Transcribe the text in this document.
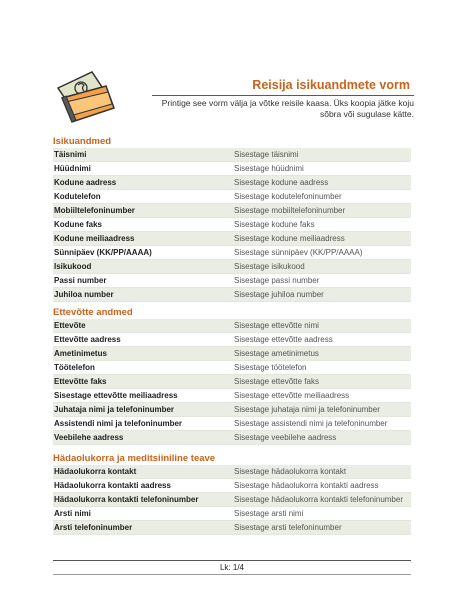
Reisija isikuandmete vorm
Printige see vorm välja ja võtke reisile kaasa. Üks koopia jätke koju sõbra või sugulase kätte.
Isikuandmed
Täisnimi	Sisestage täisnimi
Hüüdnimi	Sisestage hüüdnimi
Kodune aadress	Sisestage kodune aadress
Kodutelefon	Sisestage kodutelefoninumber
Mobiiltelefoninumber	Sisestage mobiiltelefoninumber
Kodune faks	Sisestage kodune faks
Kodune meiliaadress	Sisestage kodune meiliaadress
Sünnipäev (KK/PP/AAAA)	Sisestage sünnipäev (KK/PP/AAAA)
Isikukood	Sisestage isikukood
Passi number	Sisestage passi number
Juhiloa number	Sisestage juhiloa number
Ettevõtte andmed
Ettevõte	Sisestage ettevõtte nimi
Ettevõtte aadress	Sisestage ettevõtte aadress
Ametinimetus	Sisestage ametinimetus
Töötelefon	Sisestage töötelefon
Ettevõtte faks	Sisestage ettevõtte faks
Sisestage ettevõtte meiliaadress	Sisestage ettevõtte meiliaadress
Juhataja nimi ja telefoninumber	Sisestage juhataja nimi ja telefoninumber
Assistendi nimi ja telefoninumber	Sisestage assistendi nimi ja telefoninumber
Veebilehe aadress	Sisestage veebilehe aadress
Hädaolukorra ja meditsiiniline teave
Hädaolukorra kontakt	Sisestage hädaolukorra kontakt
Hädaolukorra kontakti aadress	Sisestage hädaolukorra kontakti aadress
Hädaolukorra kontakti telefoninumber	Sisestage hädaolukorra kontakti telefoninumber
Arsti nimi	Sisestage arsti nimi
Arsti telefoninumber	Sisestage arsti telefoninumber
Lk: 1/4
